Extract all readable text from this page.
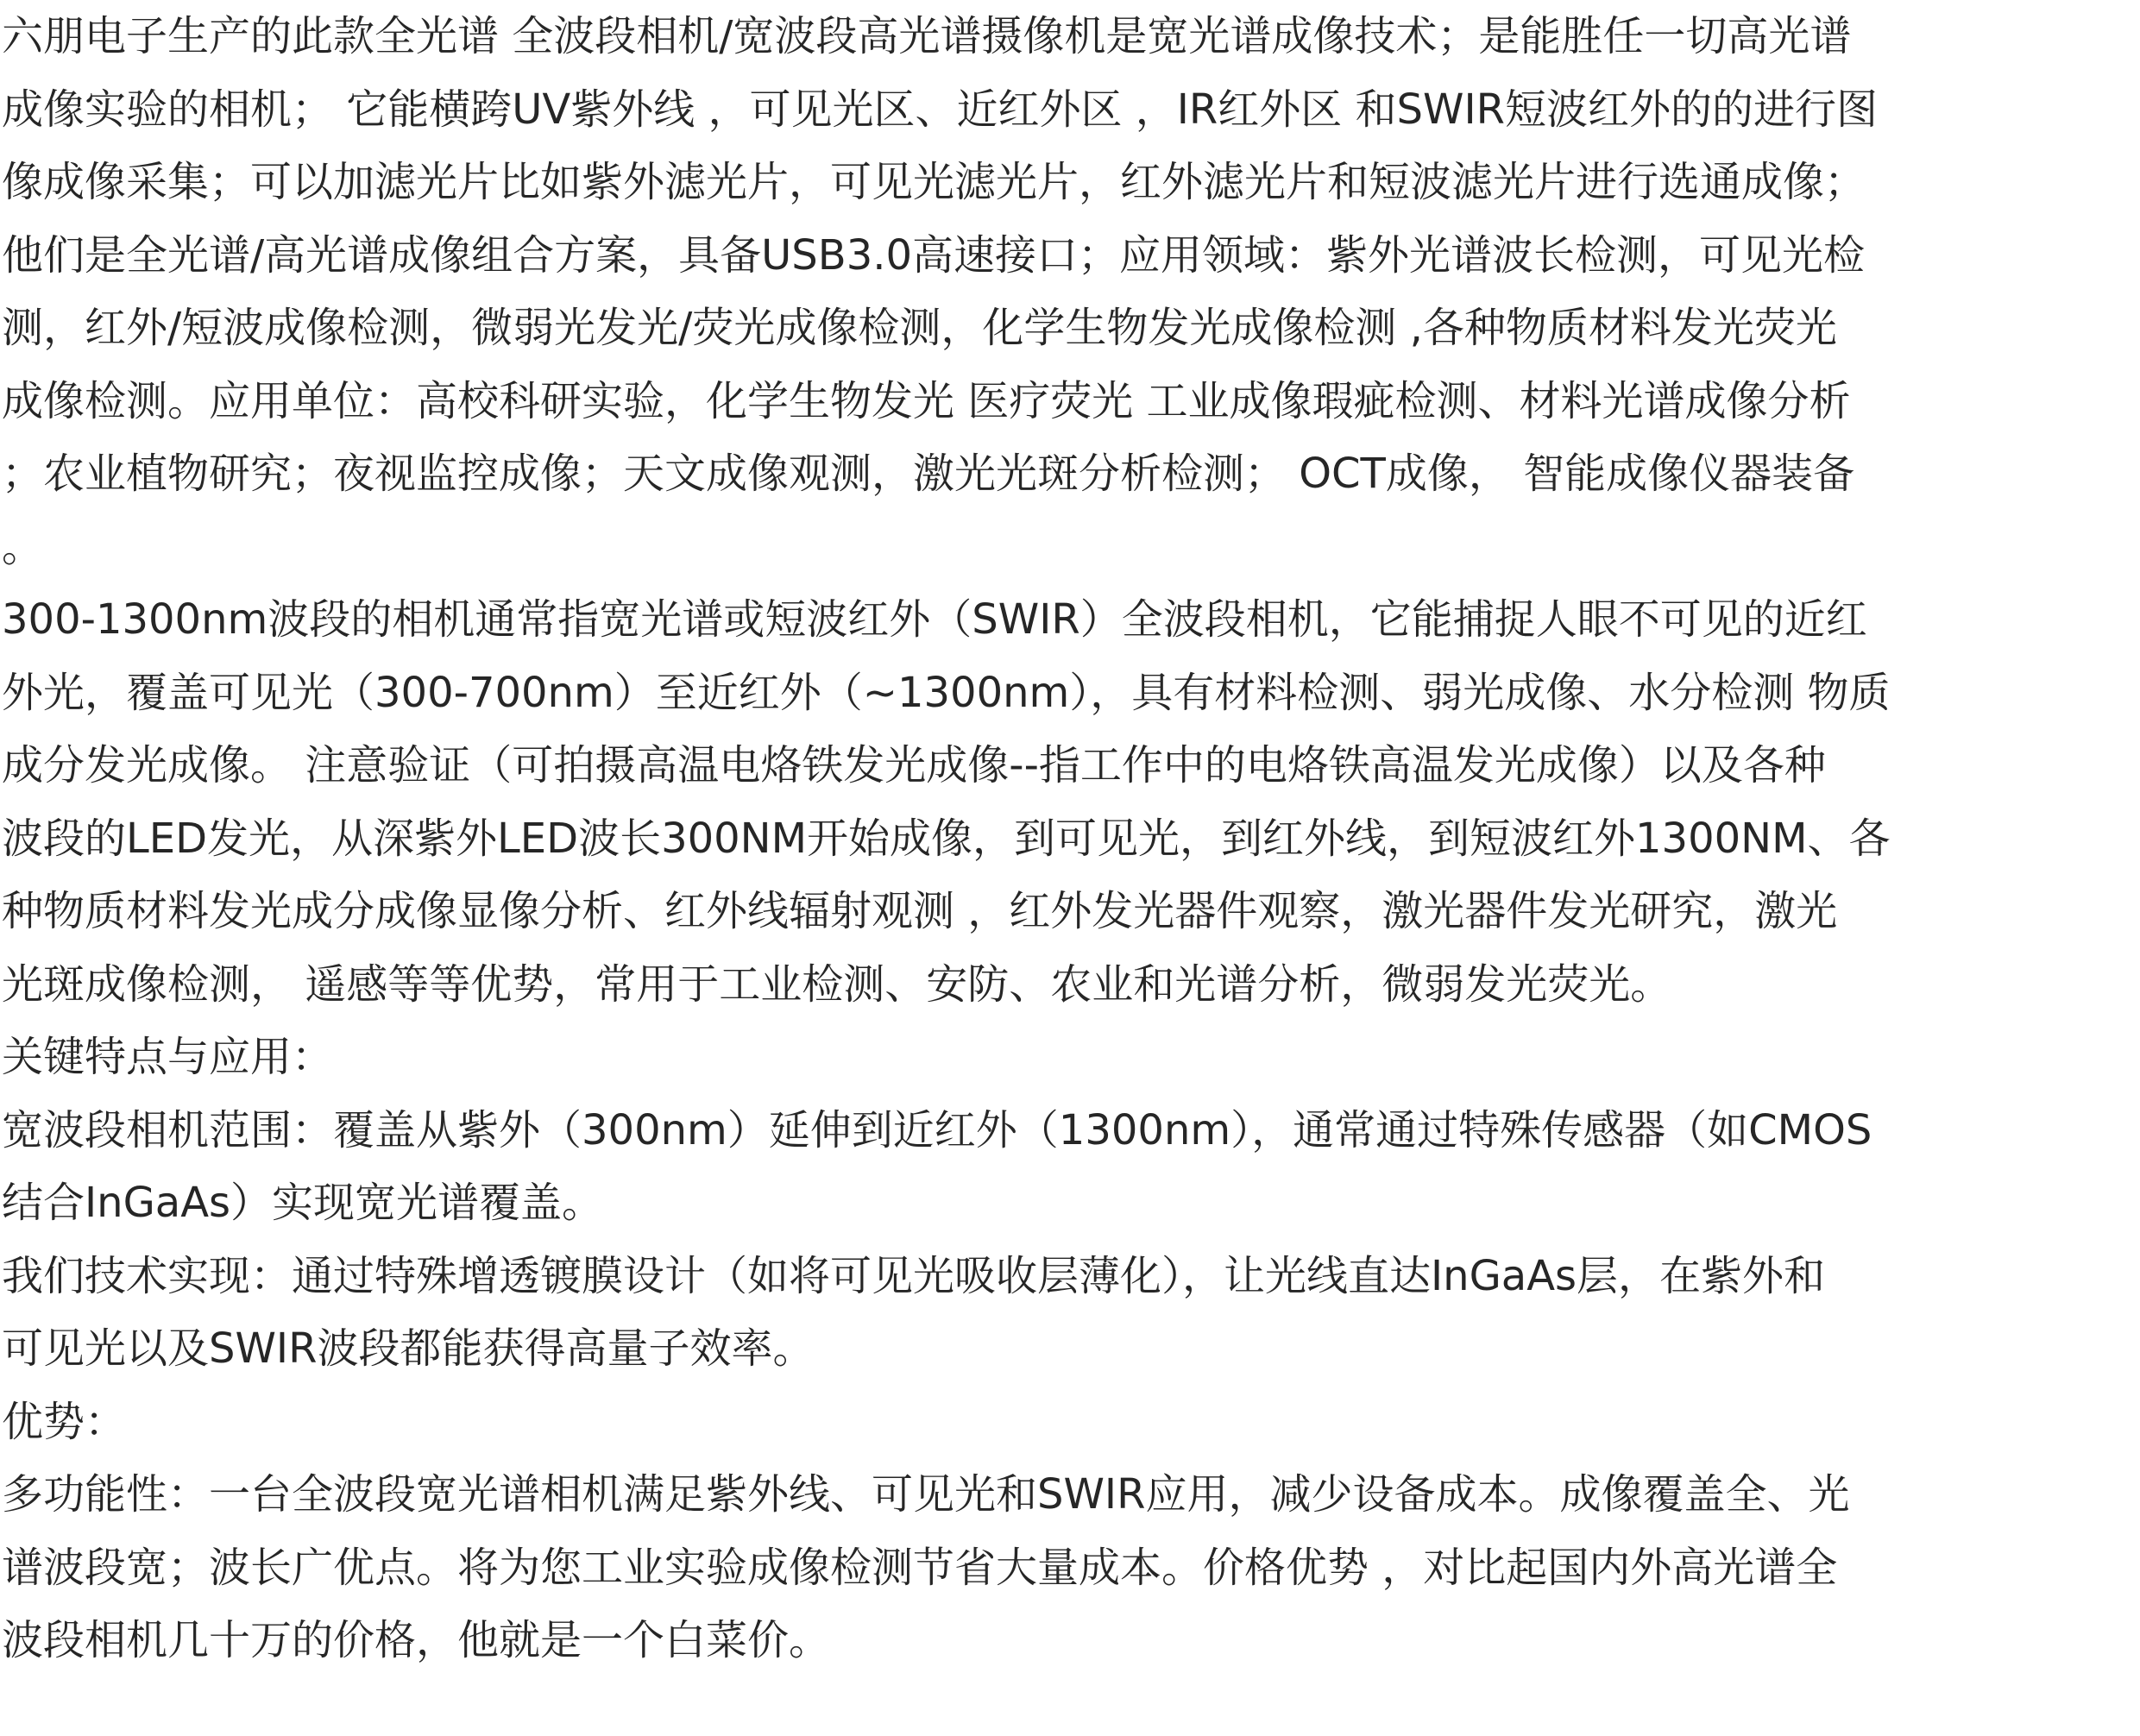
六朋电子生产的此款全光谱 全波段相机/宽波段高光谱摄像机是宽光谱成像技术；是能胜任一切高光谱
成像实验的相机； 它能横跨UV紫外线 ，可见光区、近红外区 ，IR红外区 和SWIR短波红外的的进行图
像成像采集；可以加滤光片比如紫外滤光片，可见光滤光片，红外滤光片和短波滤光片进行选通成像；
他们是全光谱/高光谱成像组合方案，具备USB3.0高速接口；应用领域：紫外光谱波长检测，可见光检
测，红外/短波成像检测，微弱光发光/荧光成像检测，化学生物发光成像检测 ,各种物质材料发光荧光
成像检测。应用单位：高校科研实验，化学生物发光 医疗荧光 工业成像瑕疵检测、材料光谱成像分析
；农业植物研究；夜视监控成像；天文成像观测，激光光斑分析检测； OCT成像， 智能成像仪器装备
。
300-1300nm波段的相机通常指宽光谱或短波红外（SWIR）全波段相机，它能捕捉人眼不可见的近红
外光，覆盖可见光（300-700nm）至近红外（~1300nm），具有材料检测、弱光成像、水分检测 物质
成分发光成像。 注意验证（可拍摄高温电烙铁发光成像--指工作中的电烙铁高温发光成像）以及各种
波段的LED发光，从深紫外LED波长300NM开始成像，到可见光，到红外线，到短波红外1300NM、各
种物质材料发光成分成像显像分析、红外线辐射观测 ，红外发光器件观察，激光器件发光研究，激光
光斑成像检测， 遥感等等优势，常用于工业检测、安防、农业和光谱分析，微弱发光荧光。
关键特点与应用：
宽波段相机范围：覆盖从紫外（300nm）延伸到近红外（1300nm），通常通过特殊传感器（如CMOS
结合InGaAs）实现宽光谱覆盖。
我们技术实现：通过特殊增透镀膜设计（如将可见光吸收层薄化），让光线直达InGaAs层，在紫外和
可见光以及SWIR波段都能获得高量子效率。
优势：
多功能性：一台全波段宽光谱相机满足紫外线、可见光和SWIR应用，减少设备成本。成像覆盖全、光
谱波段宽；波长广优点。将为您工业实验成像检测节省大量成本。价格优势 ，对比起国内外高光谱全
波段相机几十万的价格，他就是一个白菜价。
